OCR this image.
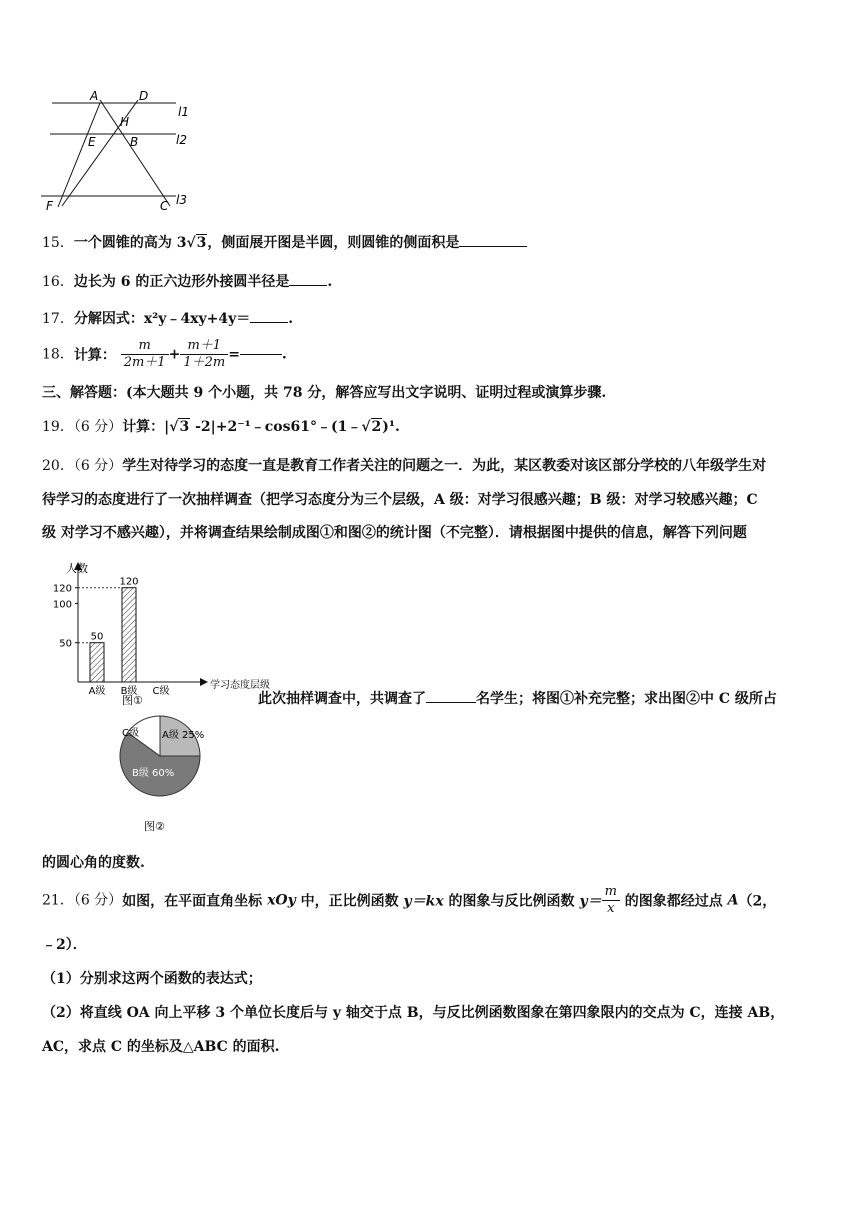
A	D
H
E	B
F	C
l1
l2
l3
15．一个圆锥的高为 3√3，侧面展开图是半圆，则圆锥的侧面积是
16．边长为 6 的正六边形外接圆半径是	.
17．分解因式：x²y﹣4xy+4y＝	.
18．计算： $\frac{m}{2m+1} + \frac{m+1}{1+2m}$ =	.
三、解答题：(本大题共 9 个小题，共 78 分，解答应写出文字说明、证明过程或演算步骤.
19．（6 分）计算：|√3 -2|+2⁻¹﹣cos61°﹣(1﹣√2)¹.
20．（6 分）学生对待学习的态度一直是教育工作者关注的问题之一．为此，某区教委对该区部分学校的八年级学生对
待学习的态度进行了一次抽样调查（把学习态度分为三个层级，A 级：对学习很感兴趣；B 级：对学习较感兴趣；C
级 对学习不感兴趣），并将调查结果绘制成图①和图②的统计图（不完整）．请根据图中提供的信息，解答下列问题
人数
学习态度层级
50
100
120
50
A级
120
B级 C级
图①	此次抽样调查中，共调查了	名学生；将图①补充完整；求出图②中 C 级所占
C级 A级 25%
B级 60%
图②
的圆心角的度数.
21．（6 分）如图，在平面直角坐标 xOy 中，正比例函数 y＝kx 的图象与反比例函数 $y= \frac{m}{x}$ 的图象都经过点 A（2，
﹣2）．
（1）分别求这两个函数的表达式；
（2）将直线 OA 向上平移 3 个单位长度后与 y 轴交于点 B，与反比例函数图象在第四象限内的交点为 C，连接 AB，
AC，求点 C 的坐标及△ABC 的面积.
